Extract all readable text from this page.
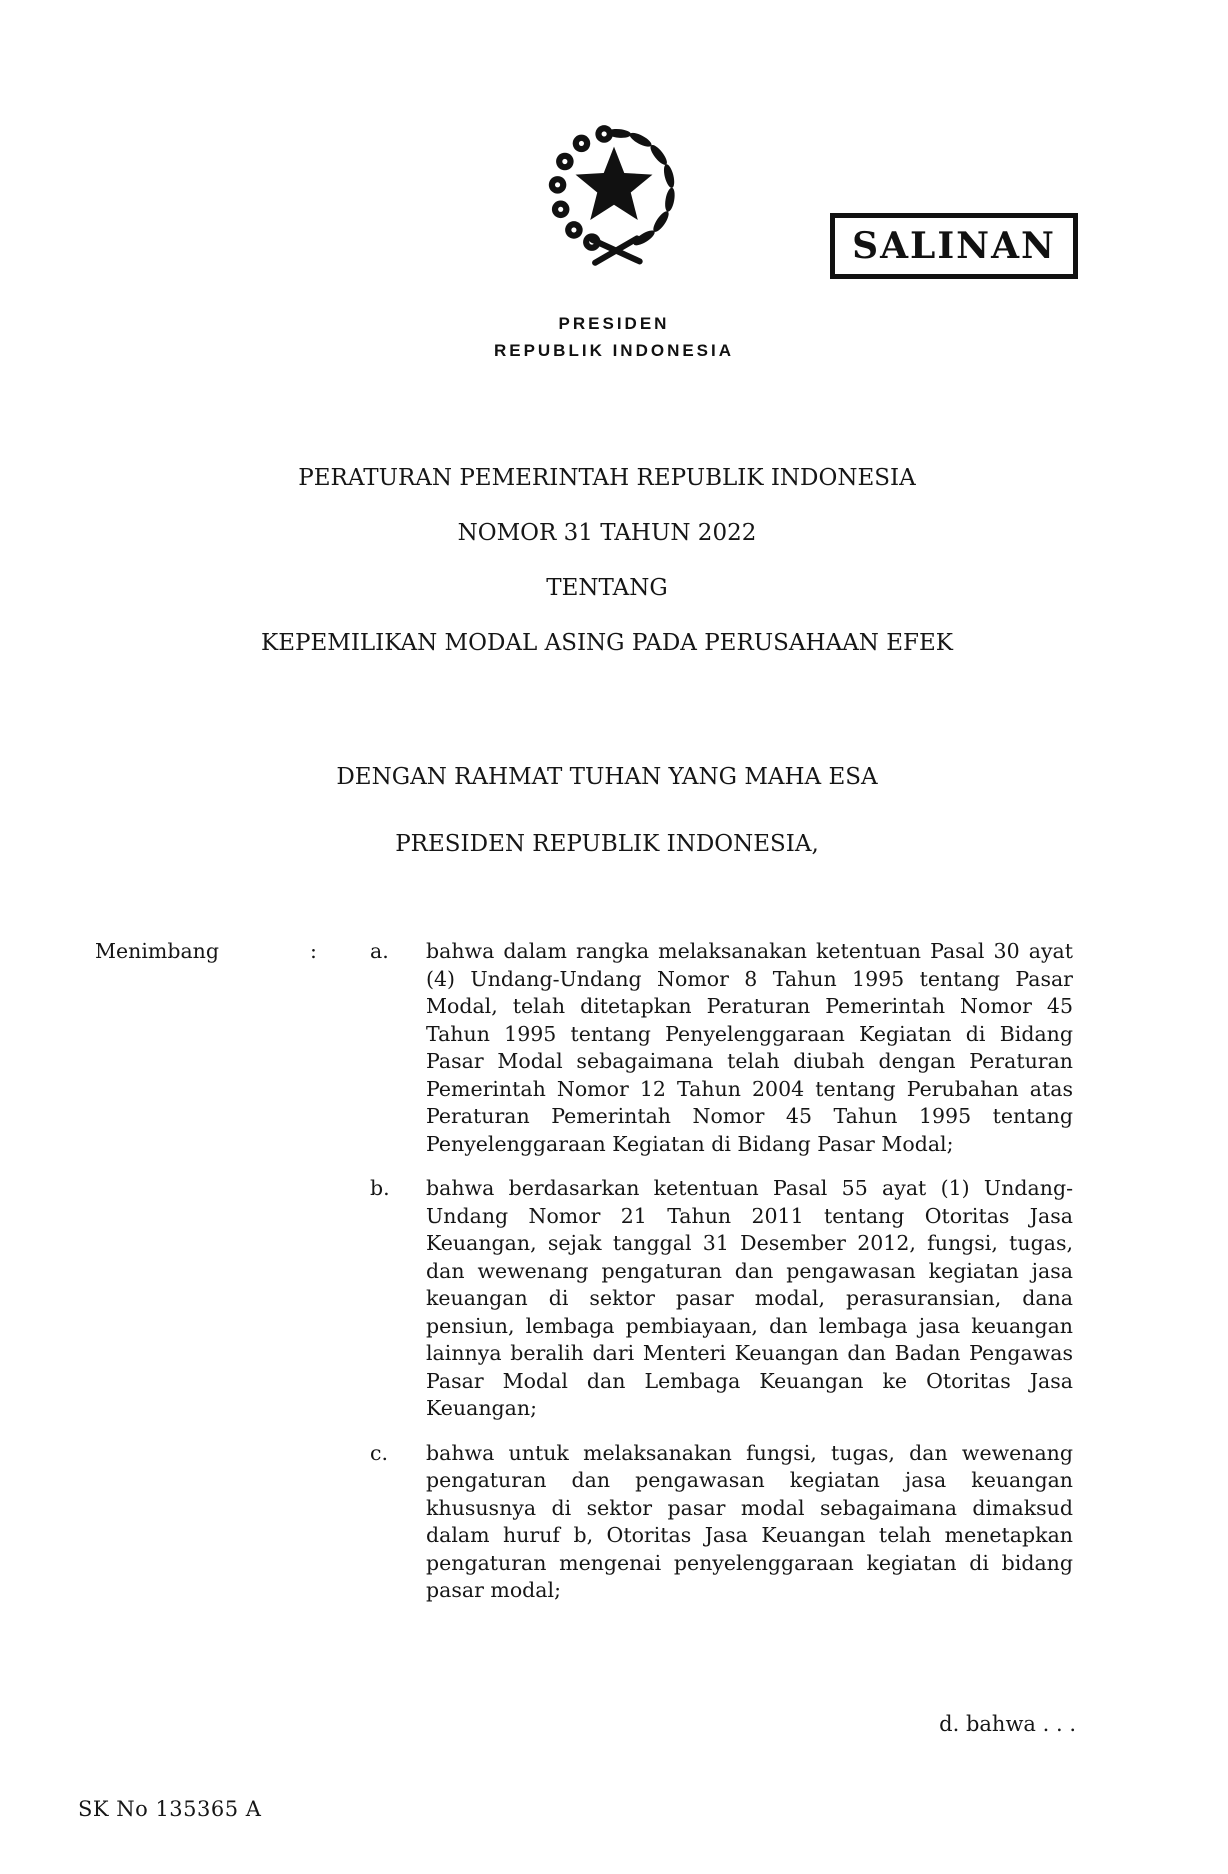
SALINAN
PRESIDEN
REPUBLIK INDONESIA
PERATURAN PEMERINTAH REPUBLIK INDONESIA
NOMOR 31 TAHUN 2022
TENTANG
KEPEMILIKAN MODAL ASING PADA PERUSAHAAN EFEK
DENGAN RAHMAT TUHAN YANG MAHA ESA
PRESIDEN REPUBLIK INDONESIA,
Menimbang	:	a.	bahwa dalam rangka melaksanakan ketentuan Pasal 30 ayat (4) Undang-Undang Nomor 8 Tahun 1995 tentang Pasar Modal, telah ditetapkan Peraturan Pemerintah Nomor 45 Tahun 1995 tentang Penyelenggaraan Kegiatan di Bidang Pasar Modal sebagaimana telah diubah dengan Peraturan Pemerintah Nomor 12 Tahun 2004 tentang Perubahan atas Peraturan Pemerintah Nomor 45 Tahun 1995 tentang Penyelenggaraan Kegiatan di Bidang Pasar Modal;

b.	bahwa berdasarkan ketentuan Pasal 55 ayat (1) Undang-Undang Nomor 21 Tahun 2011 tentang Otoritas Jasa Keuangan, sejak tanggal 31 Desember 2012, fungsi, tugas, dan wewenang pengaturan dan pengawasan kegiatan jasa keuangan di sektor pasar modal, perasuransian, dana pensiun, lembaga pembiayaan, dan lembaga jasa keuangan lainnya beralih dari Menteri Keuangan dan Badan Pengawas Pasar Modal dan Lembaga Keuangan ke Otoritas Jasa Keuangan;

c.	bahwa untuk melaksanakan fungsi, tugas, dan wewenang pengaturan dan pengawasan kegiatan jasa keuangan khususnya di sektor pasar modal sebagaimana dimaksud dalam huruf b, Otoritas Jasa Keuangan telah menetapkan pengaturan mengenai penyelenggaraan kegiatan di bidang pasar modal;

d. bahwa . . .
SK No 135365 A
